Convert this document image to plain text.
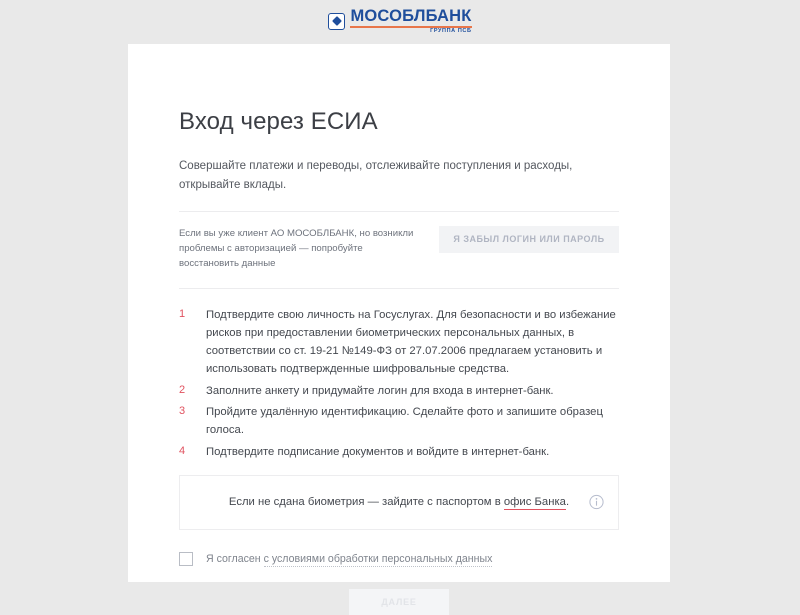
МОСОБЛБАНК
ГРУППА ПСБ
Вход через ЕСИА

Совершайте платежи и переводы, отслеживайте поступления и расходы, открывайте вклады.

Если вы уже клиент АО МОСОБЛБАНК, но возникли проблемы с авторизацией — попробуйте восстановить данные
Я ЗАБЫЛ ЛОГИН ИЛИ ПАРОЛЬ
1	Подтвердите свою личность на Госуслугах. Для безопасности и во избежание рисков при предоставлении биометрических персональных данных, в соответствии со ст. 19-21 №149-ФЗ от 27.07.2006 предлагаем установить и использовать подтвержденные шифровальные средства.
2	Заполните анкету и придумайте логин для входа в интернет-банк.
3	Пройдите удалённую идентификацию. Сделайте фото и запишите образец голоса.
4	Подтвердите подписание документов и войдите в интернет-банк.
Если не сдана биометрия — зайдите с паспортом в офис Банка.
Я согласен с условиями обработки персональных данных
ДАЛЕЕ
